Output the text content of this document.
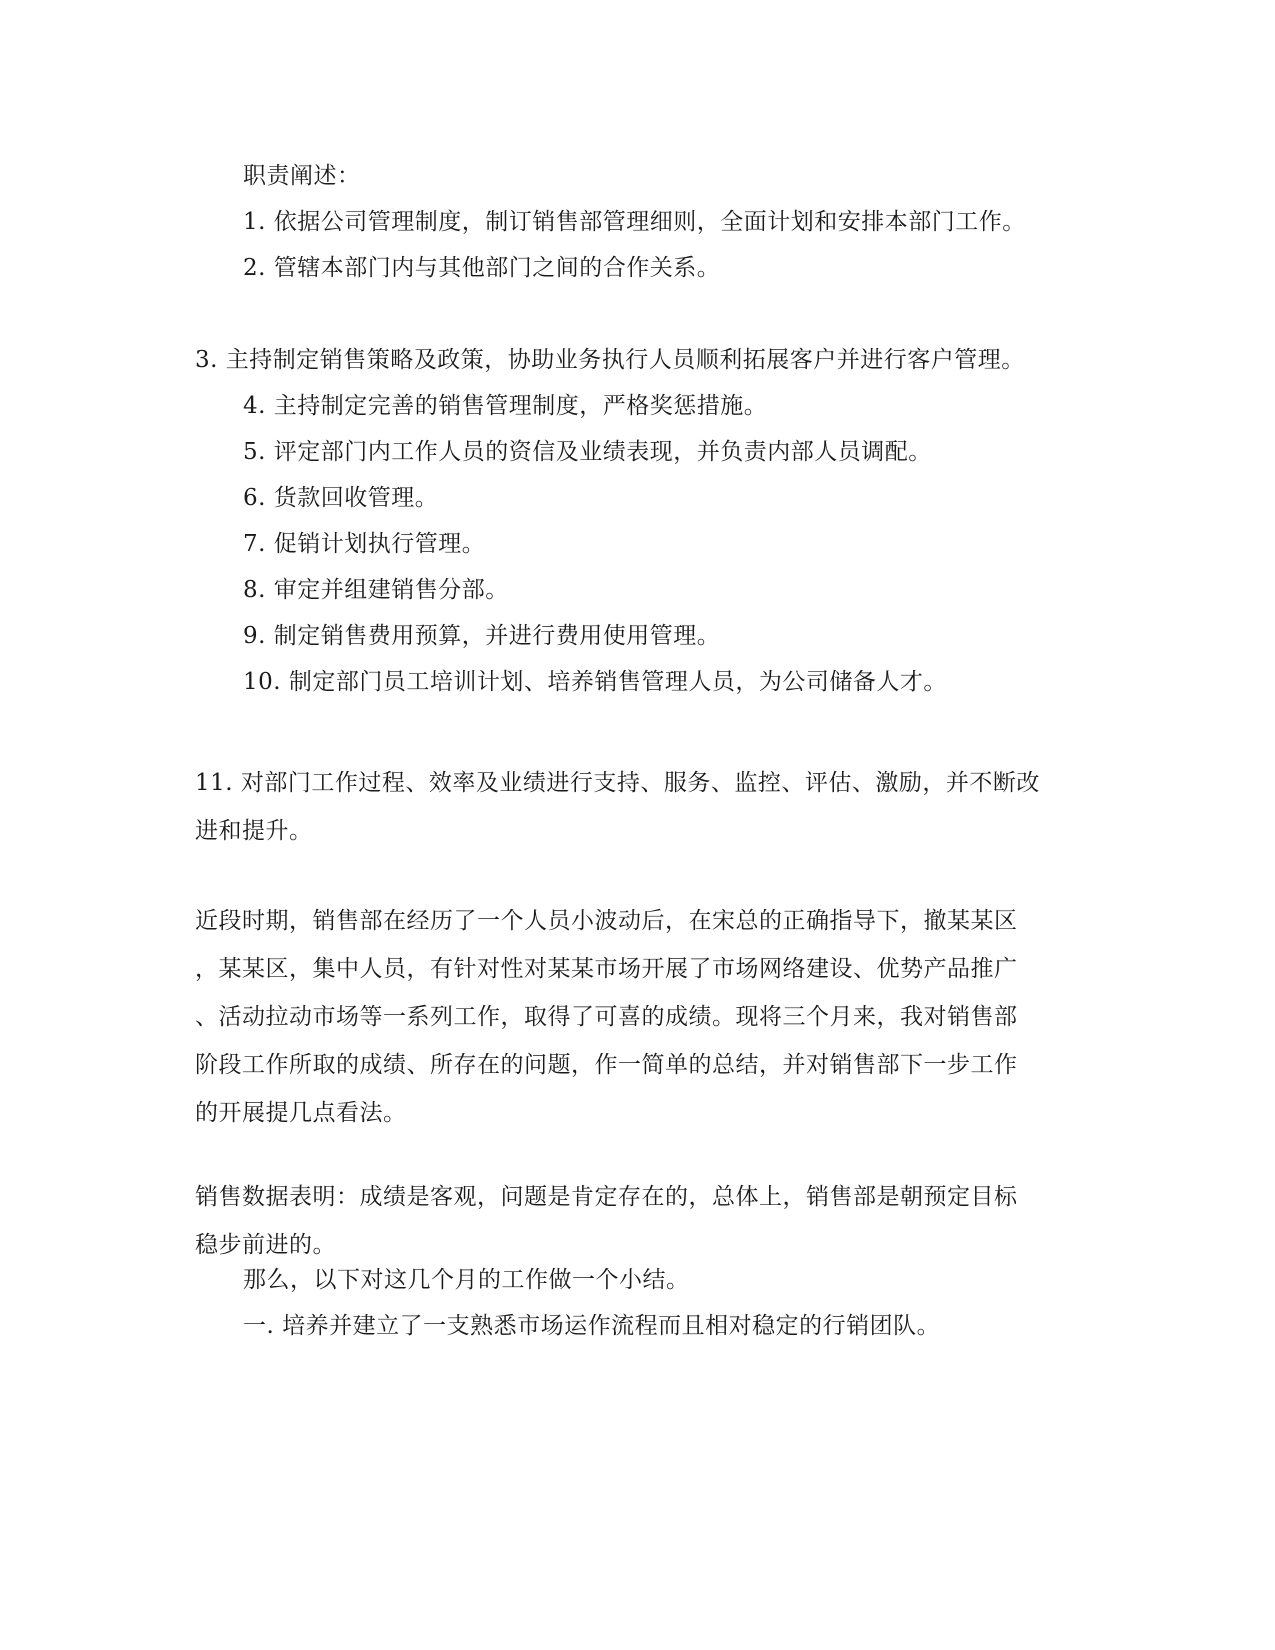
职责阐述：
1. 依据公司管理制度，制订销售部管理细则，全面计划和安排本部门工作。
2. 管辖本部门内与其他部门之间的合作关系。
3. 主持制定销售策略及政策，协助业务执行人员顺利拓展客户并进行客户管理。
4. 主持制定完善的销售管理制度，严格奖惩措施。
5. 评定部门内工作人员的资信及业绩表现，并负责内部人员调配。
6. 货款回收管理。
7. 促销计划执行管理。
8. 审定并组建销售分部。
9. 制定销售费用预算，并进行费用使用管理。
10. 制定部门员工培训计划、培养销售管理人员，为公司储备人才。
11. 对部门工作过程、效率及业绩进行支持、服务、监控、评估、激励，并不断改
进和提升。
近段时期，销售部在经历了一个人员小波动后，在宋总的正确指导下，撤某某区
，某某区，集中人员，有针对性对某某市场开展了市场网络建设、优势产品推广
、活动拉动市场等一系列工作，取得了可喜的成绩。现将三个月来，我对销售部
阶段工作所取的成绩、所存在的问题，作一简单的总结，并对销售部下一步工作
的开展提几点看法。
销售数据表明：成绩是客观，问题是肯定存在的，总体上，销售部是朝预定目标
稳步前进的。
那么，以下对这几个月的工作做一个小结。
一. 培养并建立了一支熟悉市场运作流程而且相对稳定的行销团队。
